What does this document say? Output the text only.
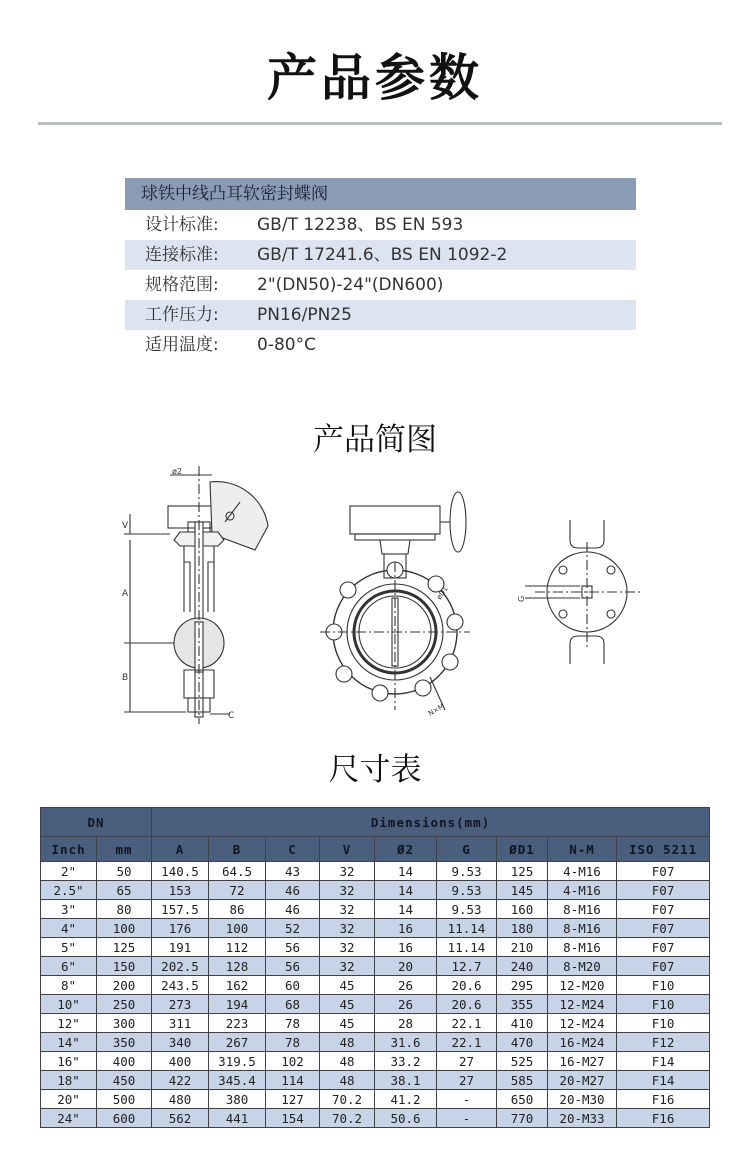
产品参数
球铁中线凸耳软密封蝶阀
设计标准:	GB/T 12238、BS EN 593
连接标准:	GB/T 17241.6、BS EN 1092-2
规格范围:	2"(DN50)-24"(DN600)
工作压力:	PN16/PN25
适用温度:	0-80°C
产品简图
ø2
V
A
B
C
øD1
N×M
G
尺寸表
DN		Dimensions(mm)								
Inch	mm	A	B	C	V	Ø2	G	ØD1	N-M	ISO 5211
2"	50	140.5	64.5	43	32	14	9.53	125	4-M16	F07
2.5"	65	153	72	46	32	14	9.53	145	4-M16	F07
3"	80	157.5	86	46	32	14	9.53	160	8-M16	F07
4"	100	176	100	52	32	16	11.14	180	8-M16	F07
5"	125	191	112	56	32	16	11.14	210	8-M16	F07
6"	150	202.5	128	56	32	20	12.7	240	8-M20	F07
8"	200	243.5	162	60	45	26	20.6	295	12-M20	F10
10"	250	273	194	68	45	26	20.6	355	12-M24	F10
12"	300	311	223	78	45	28	22.1	410	12-M24	F10
14"	350	340	267	78	48	31.6	22.1	470	16-M24	F12
16"	400	400	319.5	102	48	33.2	27	525	16-M27	F14
18"	450	422	345.4	114	48	38.1	27	585	20-M27	F14
20"	500	480	380	127	70.2	41.2	-	650	20-M30	F16
24"	600	562	441	154	70.2	50.6	-	770	20-M33	F16
